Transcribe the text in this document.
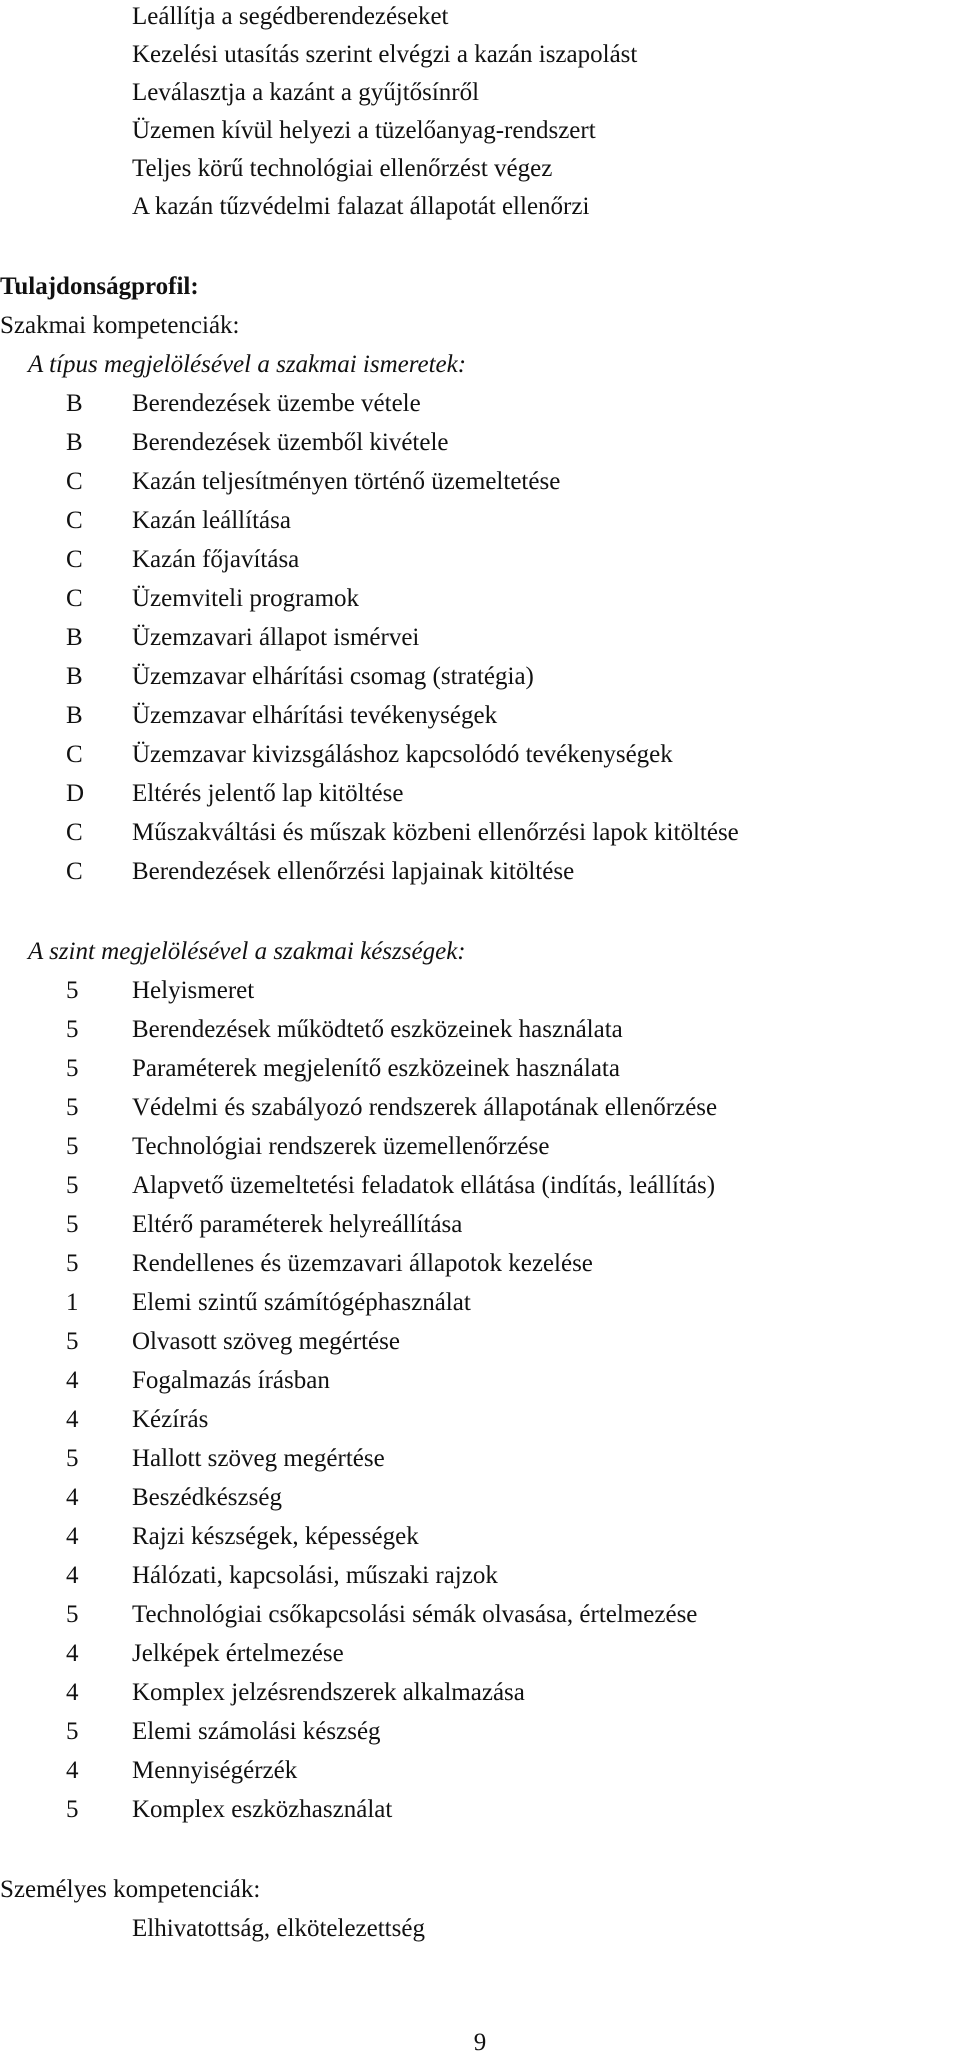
Leállítja a segédberendezéseket
Kezelési utasítás szerint elvégzi a kazán iszapolást
Leválasztja a kazánt a gyűjtősínről
Üzemen kívül helyezi a tüzelőanyag-rendszert
Teljes körű technológiai ellenőrzést végez
A kazán tűzvédelmi falazat állapotát ellenőrzi
Tulajdonságprofil:
Szakmai kompetenciák:
A típus megjelölésével a szakmai ismeretek:
B	Berendezések üzembe vétele
B	Berendezések üzemből kivétele
C	Kazán teljesítményen történő üzemeltetése
C	Kazán leállítása
C	Kazán főjavítása
C	Üzemviteli programok
B	Üzemzavari állapot ismérvei
B	Üzemzavar elhárítási csomag (stratégia)
B	Üzemzavar elhárítási tevékenységek
C	Üzemzavar kivizsgáláshoz kapcsolódó tevékenységek
D	Eltérés jelentő lap kitöltése
C	Műszakváltási és műszak közbeni ellenőrzési lapok kitöltése
C	Berendezések ellenőrzési lapjainak kitöltése
A szint megjelölésével a szakmai készségek:
5	Helyismeret
5	Berendezések működtető eszközeinek használata
5	Paraméterek megjelenítő eszközeinek használata
5	Védelmi és szabályozó rendszerek állapotának ellenőrzése
5	Technológiai rendszerek üzemellenőrzése
5	Alapvető üzemeltetési feladatok ellátása (indítás, leállítás)
5	Eltérő paraméterek helyreállítása
5	Rendellenes és üzemzavari állapotok kezelése
1	Elemi szintű számítógéphasználat
5	Olvasott szöveg megértése
4	Fogalmazás írásban
4	Kézírás
5	Hallott szöveg megértése
4	Beszédkészség
4	Rajzi készségek, képességek
4	Hálózati, kapcsolási, műszaki rajzok
5	Technológiai csőkapcsolási sémák olvasása, értelmezése
4	Jelképek értelmezése
4	Komplex jelzésrendszerek alkalmazása
5	Elemi számolási készség
4	Mennyiségérzék
5	Komplex eszközhasználat
Személyes kompetenciák:
Elhivatottság, elkötelezettség
9
